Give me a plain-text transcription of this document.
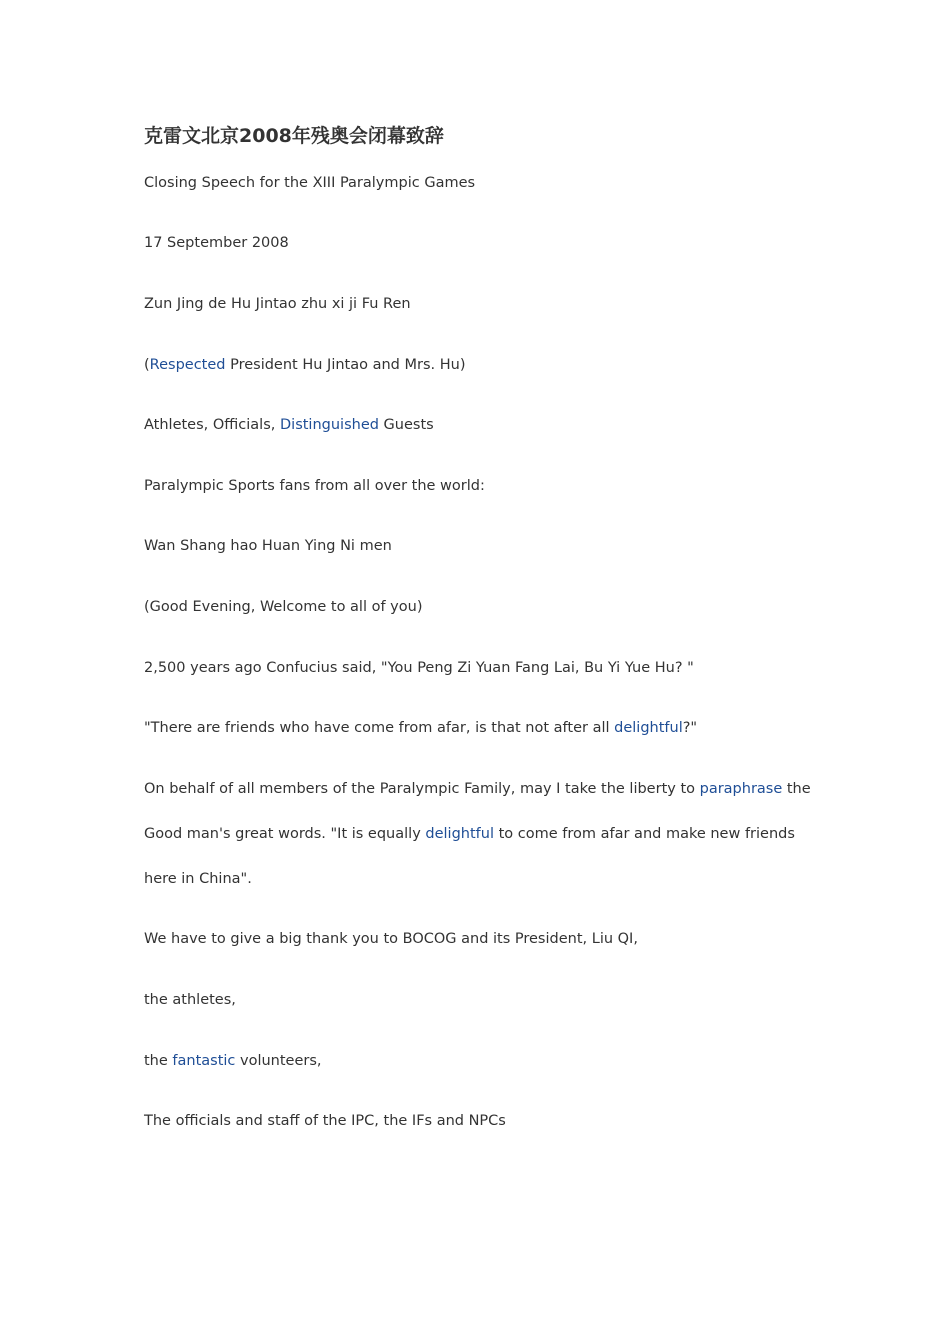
克雷文北京2008年残奥会闭幕致辞
Closing Speech for the XIII Paralympic Games
17 September 2008
Zun Jing de Hu Jintao zhu xi ji Fu Ren
(Respected President Hu Jintao and Mrs. Hu)
Athletes, Officials, Distinguished Guests
Paralympic Sports fans from all over the world:
Wan Shang hao Huan Ying Ni men
(Good Evening, Welcome to all of you)
2,500 years ago Confucius said, "You Peng Zi Yuan Fang Lai, Bu Yi Yue Hu? "
"There are friends who have come from afar, is that not after all delightful?"
On behalf of all members of the Paralympic Family, may I take the liberty to paraphrase the Good man's great words. "It is equally delightful to come from afar and make new friends here in China".
We have to give a big thank you to BOCOG and its President, Liu QI,
the athletes,
the fantastic volunteers,
The officials and staff of the IPC, the IFs and NPCs
